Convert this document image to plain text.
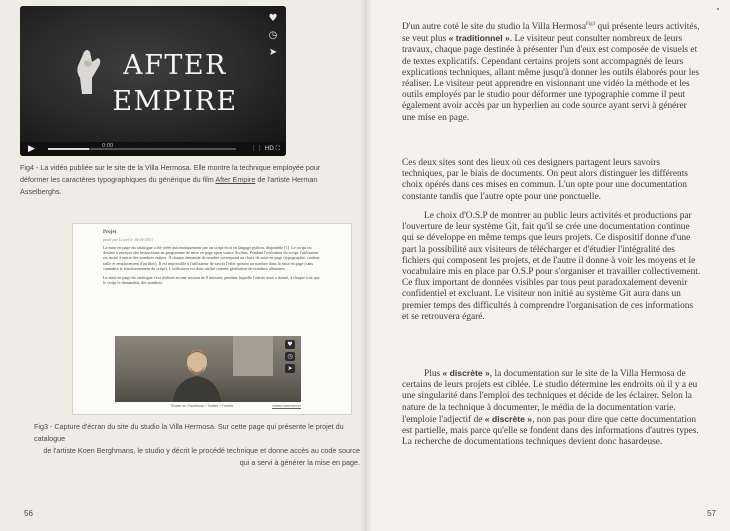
AFTER
EMPIRE
♥
◷
➤
▶	0:00	⋮⋮ HD ⛶
Fig4 - La vidéo publiée sur le site de la Villa Hermosa. Elle montre la technique employée pour déformer les caractères typographiques du générique du film After Empire de l'artiste Herman Asselberghs.
Projet
posté par Lionel le 18-04-2013

La mise en page du catalogue a été créée automatiquement par un script écrit en langage python, disponible [1]. Le script est destiné à envoyer des instructions au programme de mise en page open source Scribus. Pendant l'exécution du script, l'utilisateur est invité à entrer des nombres entiers. À chaque demande de nombre correspond un choix de mise en page (typographie, couleur, taille et emplacement d'un bloc). Il est impossible à l'utilisateur de savoir l'effet qu'aura un nombre dans la mise en page (sans connaître le fonctionnement du script). L'utilisateur est donc utilisé comme générateur de nombres aléatoires.

La mise en page du catalogue s'est réalisée en une session de 8 minutes, pendant laquelle l'artiste nous a donné, à chaque fois que le script le demandait, des nombres.

♥
◷
➤
Share on Facebook / Twitter / Tumblr	vimeo.com/xxxxx
Fig3 - Capture d'écran du site du studio la Villa Hermosa. Sur cette page qui présente le projet du catalogue
de l'artiste Koen Berghmans, le studio y décrit le procédé technique et donne accès au code source
qui a servi à générer la mise en page.
56

D'un autre coté le site du studio la Villa Hermosa$^{Fig3}$ qui présente leurs activités, se veut plus « traditionnel ». Le visiteur peut consulter nombreux de leurs travaux, chaque page destinée à présenter l'un d'eux est composée de visuels et de textes explicatifs. Cependant certains projets sont accompagnés de leurs explications techniques, allant même jusqu'à donner les outils élaborés pour les réaliser. Le visiteur peut apprendre en visionnant une vidéo la méthode et les outils employés par le studio pour déformer une typographie comme il peut également avoir accès par un hyperlien au code source ayant servi à générer une mise en page.

Ces deux sites sont des lieux où ces designers partagent leurs savoirs techniques, par le biais de documents. On peut alors distinguer les différents choix opérés dans ces mises en commun. L'un opte pour une documentation constante tandis que l'autre opte pour une ponctuelle.

Le choix d'O.S.P de montrer au public leurs activités et productions par l'ouverture de leur système Git, fait qu'il se crée une documentation continue qui se développe en même temps que leurs projets. Ce dispositif donne d'une part la possibilité aux visiteurs de télécharger et d'étudier l'intégralité des fichiers qui composent les projets, et de l'autre il donne à voir les moyens et le vocabulaire mis en place par O.S.P pour s'organiser et travailler collectivement. Ce flux important de données visibles par tous peut paradoxalement devenir confidentiel et excluant. Le visiteur non initié au système Git aura dans un premier temps des difficultés à comprendre l'organisation de ces informations et se retrouvera égaré.

Plus « discrète », la documentation sur le site de la Villa Hermosa de certains de leurs projets est ciblée. Le studio détermine les endroits où il y a eu une singularité dans l'emploi des techniques et décide de les éclairer. Selon la nature de la technique à documenter, le média de la documentation varie. l'emploie l'adjectif de « discrète », non pas pour dire que cette documentation est partielle, mais parce qu'elle se fondent dans des informations d'autres types. La recherche de documentations techniques devient donc hasardeuse.

57
